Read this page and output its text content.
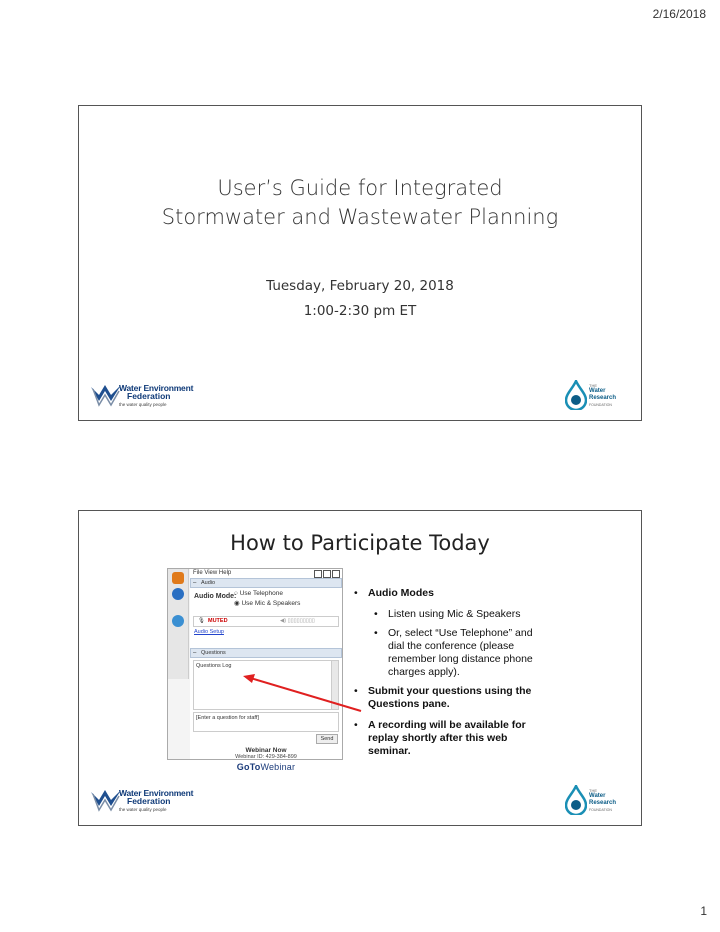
2/16/2018
User’s Guide for Integrated
Stormwater and Wastewater Planning
Tuesday, February 20, 2018
1:00-2:30 pm ET
Water Environment
Federation
the water quality people
THE
Water
Research
FOUNDATION
How to Participate Today
File View Help
– Audio
Audio Mode:
○ Use Telephone
◉ Use Mic & Speakers
🎙 MUTED	◀) ▯▯▯▯▯▯▯▯▯
Audio Setup
– Questions
Questions Log
[Enter a question for staff]
Send
Webinar Now
Webinar ID: 429-384-899
GoToWebinar
• Audio Modes
• Listen using Mic & Speakers
• Or, select “Use Telephone” and dial the conference (please remember long distance phone charges apply).
• Submit your questions using the Questions pane.
• A recording will be available for replay shortly after this web seminar.
Water Environment
Federation
the water quality people
THE
Water
Research
FOUNDATION
1
